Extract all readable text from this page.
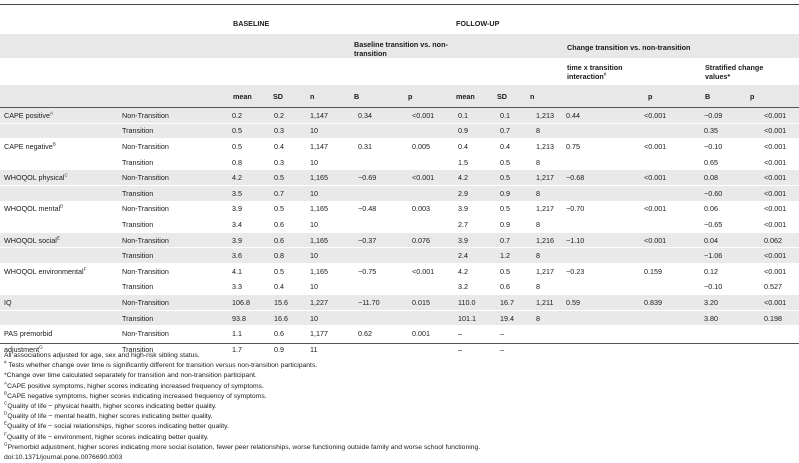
BASELINE	FOLLOW-UP
Baseline transition vs. non-transition
Change transition vs. non-transition
time x transition interaction#
Stratified change values*
mean	SD	n	B	p	mean	SD	n	p	B	p
CAPE positive$^A$	Non-Transition	0.2	0.2	1,147	0.34	<0.001	0.1	0.1	1,213	0.44	<0.001	−0.09	<0.001
	Transition	0.5	0.3	10			0.9	0.7	8			0.35	<0.001
CAPE negative$^B$	Non-Transition	0.5	0.4	1,147	0.31	0.005	0.4	0.4	1,213	0.75	<0.001	−0.10	<0.001
	Transition	0.8	0.3	10			1.5	0.5	8			0.65	<0.001
WHOQOL physical$^C$	Non-Transition	4.2	0.5	1,165	−0.69	<0.001	4.2	0.5	1,217	−0.68	<0.001	0.08	<0.001
	Transition	3.5	0.7	10			2.9	0.9	8			−0.60	<0.001
WHOQOL mental$^D$	Non-Transition	3.9	0.5	1,165	−0.48	0.003	3.9	0.5	1,217	−0.70	<0.001	0.06	<0.001
	Transition	3.4	0.6	10			2.7	0.9	8			−0.65	<0.001
WHOQOL social$^E$	Non-Transition	3.9	0.6	1,165	−0.37	0.076	3.9	0.7	1,216	−1.10	<0.001	0.04	0.062
	Transition	3.6	0.8	10			2.4	1.2	8			−1.06	<0.001
WHOQOL environmental$^F$	Non-Transition	4.1	0.5	1,165	−0.75	<0.001	4.2	0.5	1,217	−0.23	0.159	0.12	<0.001
	Transition	3.3	0.4	10			3.2	0.6	8			−0.10	0.527
IQ	Non-Transition	106.8	15.6	1,227	−11.70	0.015	110.0	16.7	1,211	0.59	0.839	3.20	<0.001
	Transition	93.8	16.6	10			101.1	19.4	8			3.80	0.198
PAS premorbid	Non-Transition	1.1	0.6	1,177	0.62	0.001	–	–					
adjustment$^G$	Transition	1.7	0.9	11			–	–					
All associations adjusted for age, sex and high-risk sibling status.
# Tests whether change over time is significantly different for transition versus non-transition participants.
*Change over time calculated separately for transition and non-transition participant.
$^A$CAPE positive symptoms, higher scores indicating increased frequency of symptoms.
$^B$CAPE negative symptoms, higher scores indicating increased frequency of symptoms.
$^C$Quality of life − physical health, higher scores indicating better quality.
$^D$Quality of life − mental health, higher scores indicating better quality.
$^E$Quality of life − social relationships, higher scores indicating better quality.
$^F$Quality of life − environment, higher scores indicating better quality.
$^G$Premorbid adjustment, higher scores indicating more social isolation, fewer peer relationships, worse functioning outside family and worse school functioning.
doi:10.1371/journal.pone.0076690.t003
